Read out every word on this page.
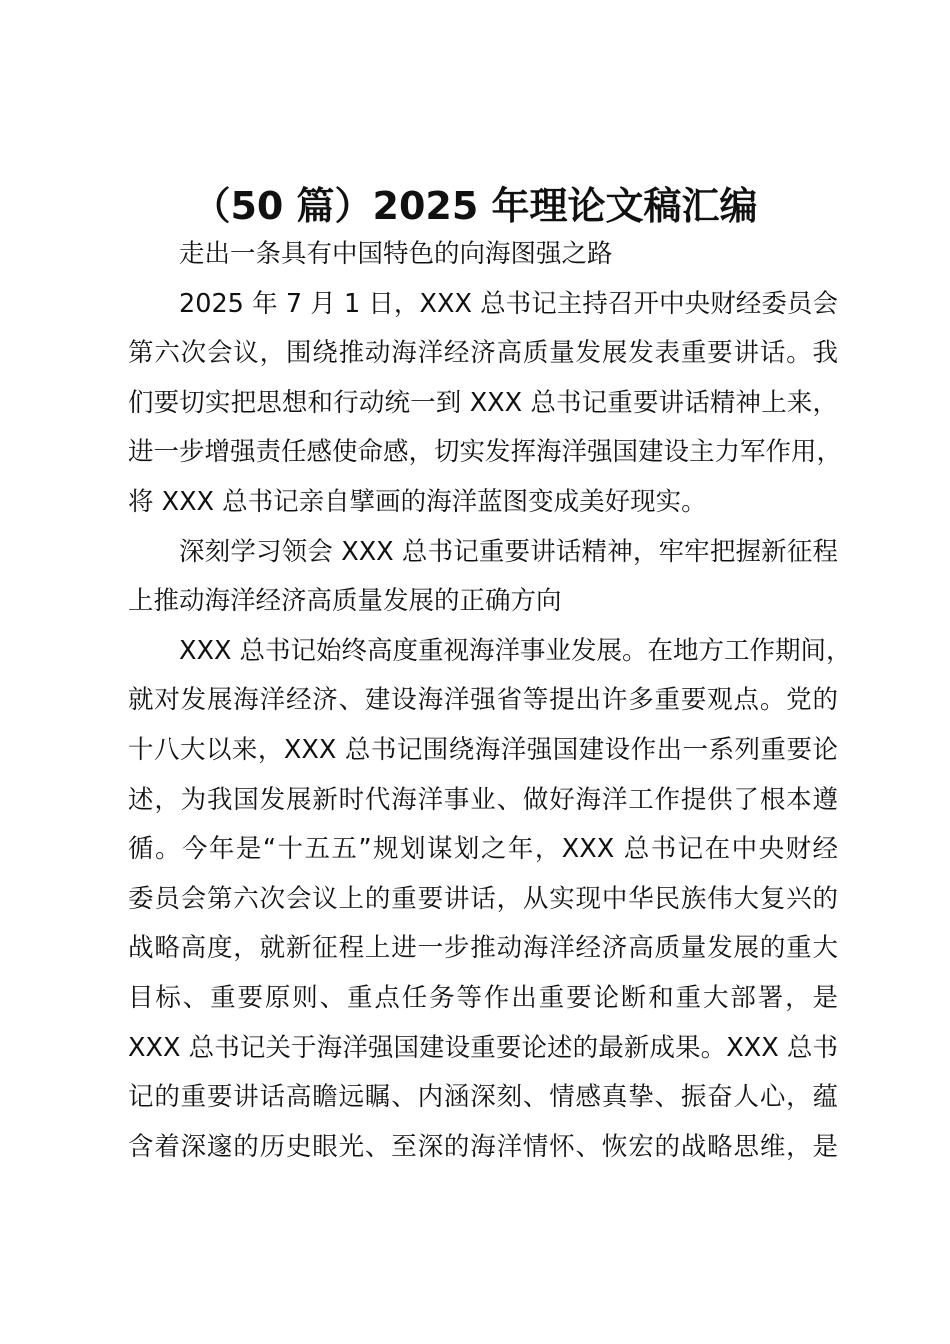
（50 篇）2025 年理论文稿汇编
走出一条具有中国特色的向海图强之路
2025 年 7 月 1 日，XXX 总书记主持召开中央财经委员会
第六次会议，围绕推动海洋经济高质量发展发表重要讲话。我
们要切实把思想和行动统一到 XXX 总书记重要讲话精神上来，
进一步增强责任感使命感，切实发挥海洋强国建设主力军作用，
将 XXX 总书记亲自擘画的海洋蓝图变成美好现实。
深刻学习领会 XXX 总书记重要讲话精神，牢牢把握新征程
上推动海洋经济高质量发展的正确方向
XXX 总书记始终高度重视海洋事业发展。在地方工作期间，
就对发展海洋经济、建设海洋强省等提出许多重要观点。党的
十八大以来，XXX 总书记围绕海洋强国建设作出一系列重要论
述，为我国发展新时代海洋事业、做好海洋工作提供了根本遵
循。今年是“十五五”规划谋划之年，XXX 总书记在中央财经
委员会第六次会议上的重要讲话，从实现中华民族伟大复兴的
战略高度，就新征程上进一步推动海洋经济高质量发展的重大
目标、重要原则、重点任务等作出重要论断和重大部署，是
XXX 总书记关于海洋强国建设重要论述的最新成果。XXX 总书
记的重要讲话高瞻远瞩、内涵深刻、情感真挚、振奋人心，蕴
含着深邃的历史眼光、至深的海洋情怀、恢宏的战略思维，是
